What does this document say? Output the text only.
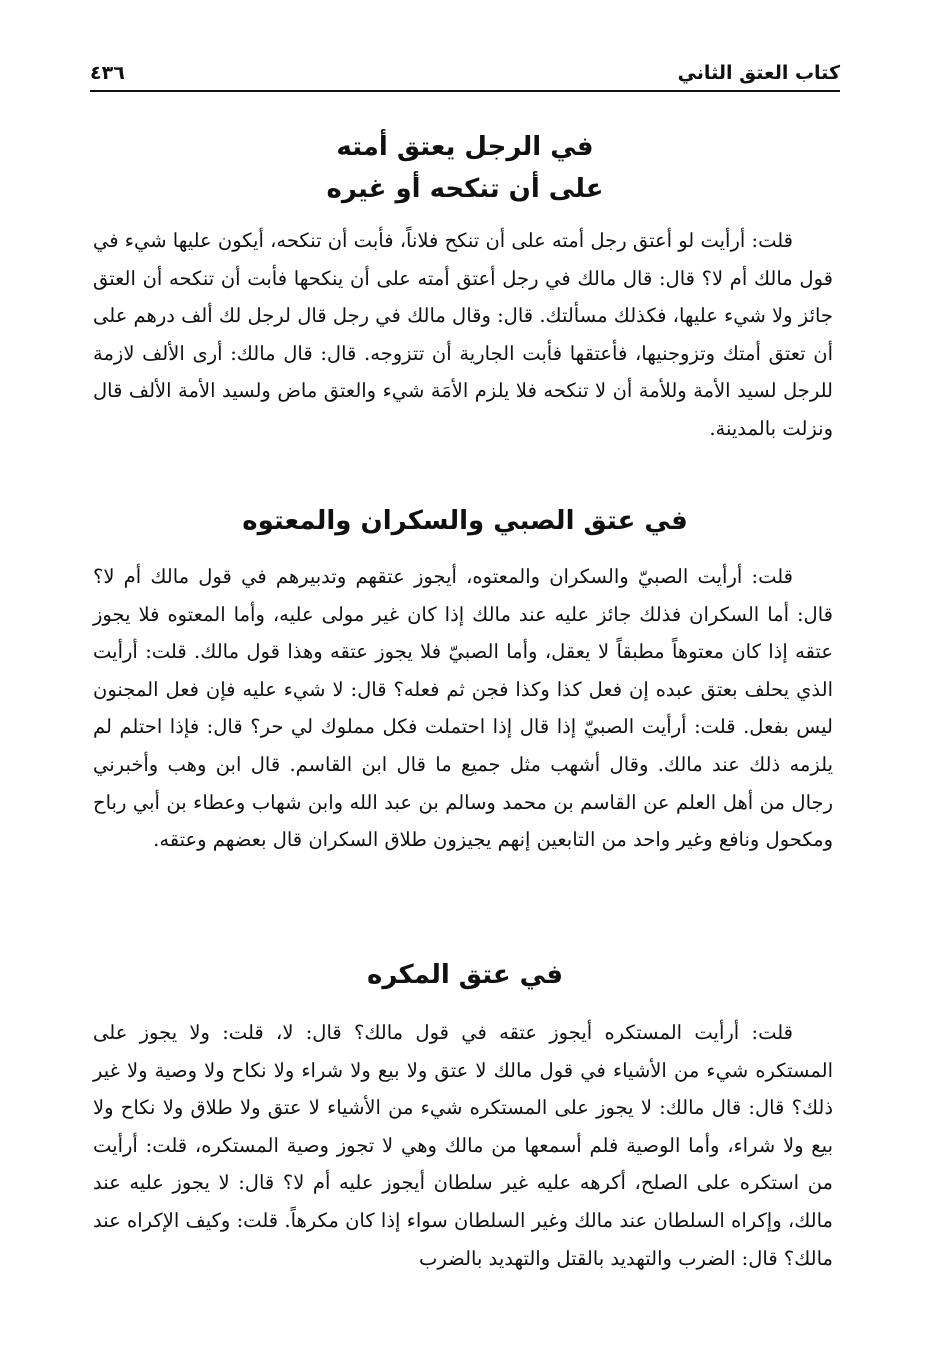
كتاب العتق الثاني
٤٣٦
في الرجل يعتق أمته
على أن تنكحه أو غيره

قلت: أرأيت لو أعتق رجل أمته على أن تنكح فلاناً، فأبت أن تنكحه، أيكون عليها شيء في قول مالك أم لا؟ قال: قال مالك في رجل أعتق أمته على أن ينكحها فأبت أن تنكحه أن العتق جائز ولا شيء عليها، فكذلك مسألتك. قال: وقال مالك في رجل قال لرجل لك ألف درهم على أن تعتق أمتك وتزوجنيها، فأعتقها فأبت الجارية أن تتزوجه. قال: قال مالك: أرى الألف لازمة للرجل لسيد الأمة وللأمة أن لا تنكحه فلا يلزم الأمَة شيء والعتق ماض ولسيد الأمة الألف قال ونزلت بالمدينة.

في عتق الصبي والسكران والمعتوه

قلت: أرأيت الصبيّ والسكران والمعتوه، أيجوز عتقهم وتدبيرهم في قول مالك أم لا؟ قال: أما السكران فذلك جائز عليه عند مالك إذا كان غير مولى عليه، وأما المعتوه فلا يجوز عتقه إذا كان معتوهاً مطبقاً لا يعقل، وأما الصبيّ فلا يجوز عتقه وهذا قول مالك. قلت: أرأيت الذي يحلف بعتق عبده إن فعل كذا وكذا فجن ثم فعله؟ قال: لا شيء عليه فإن فعل المجنون ليس بفعل. قلت: أرأيت الصبيّ إذا قال إذا احتملت فكل مملوك لي حر؟ قال: فإذا احتلم لم يلزمه ذلك عند مالك. وقال أشهب مثل جميع ما قال ابن القاسم. قال ابن وهب وأخبرني رجال من أهل العلم عن القاسم بن محمد وسالم بن عبد الله وابن شهاب وعطاء بن أبي رباح ومكحول ونافع وغير واحد من التابعين إنهم يجيزون طلاق السكران قال بعضهم وعتقه.

في عتق المكره

قلت: أرأيت المستكره أيجوز عتقه في قول مالك؟ قال: لا، قلت: ولا يجوز على المستكره شيء من الأشياء في قول مالك لا عتق ولا بيع ولا شراء ولا نكاح ولا وصية ولا غير ذلك؟ قال: قال مالك: لا يجوز على المستكره شيء من الأشياء لا عتق ولا طلاق ولا نكاح ولا بيع ولا شراء، وأما الوصية فلم أسمعها من مالك وهي لا تجوز وصية المستكره، قلت: أرأيت من استكره على الصلح، أكرهه عليه غير سلطان أيجوز عليه أم لا؟ قال: لا يجوز عليه عند مالك، وإكراه السلطان عند مالك وغير السلطان سواء إذا كان مكرهاً. قلت: وكيف الإكراه عند مالك؟ قال: الضرب والتهديد بالقتل والتهديد بالضرب
